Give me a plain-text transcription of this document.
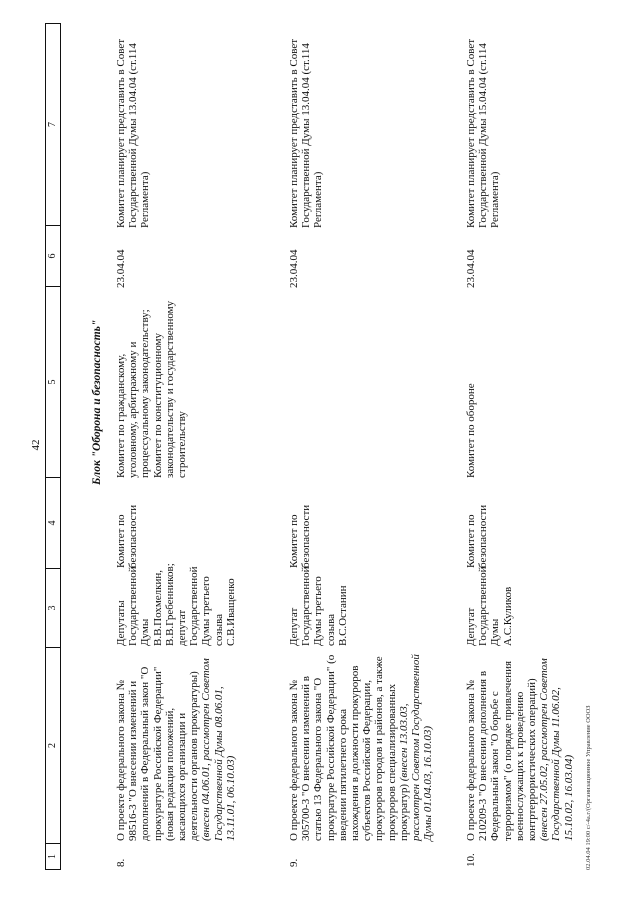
42
1
2
3
4
5
6
7
Блок "Оборона и безопасность"
8.
О проекте федерального закона № 98516-3 "О внесении изменений и дополнений в Федеральный закон "О прокуратуре Российской Федерации" (новая редакция положений, касающихся организации и деятельности органов прокуратуры) (внесен 04.06.01, рассмотрен Советом Государственной Думы 08.06.01, 13.11.01, 06.10.03)
Депутаты Государственной Думы В.В.Похмелкин, В.В.Гребенников; депутат Государственной Думы третьего созыва С.В.Иващенко
Комитет по безопасности
Комитет по гражданскому, уголовному, арбитражному и процессуальному законодательству; Комитет по конституционному законодательству и государственному строительству
23.04.04
Комитет планирует представить в Совет Государственной Думы 13.04.04 (ст.114 Регламента)
9.
О проекте федерального закона № 305700-3 "О внесении изменений в статью 13 Федерального закона "О прокуратуре Российской Федерации" (о введении пятилетнего срока нахождения в должности прокуроров субъектов Российской Федерации, прокуроров городов и районов, а также прокуроров специализированных прокуратур) (внесен 13.03.03, рассмотрен Советом Государственной Думы 01.04.03, 16.10.03)
Депутат Государственной Думы третьего созыва В.С.Останин
Комитет по безопасности
23.04.04
Комитет планирует представить в Совет Государственной Думы 13.04.04 (ст.114 Регламента)
10.
О проекте федерального закона № 210209-3 "О внесении дополнения в Федеральный закон "О борьбе с терроризмом" (о порядке привлечения военнослужащих к проведению контртеррористических операций) (внесен 27.05.02, рассмотрен Советом Государственной Думы 11.06.02, 15.10.02, 16.03.04)
Депутат Государственной Думы А.С.Куликов
Комитет по безопасности
Комитет по обороне
23.04.04
Комитет планирует представить в Совет Государственной Думы 15.04.04 (ст.114 Регламента)
02.04.04 19:00 с/-4а.г/(Организационное Управление ОООЗ
